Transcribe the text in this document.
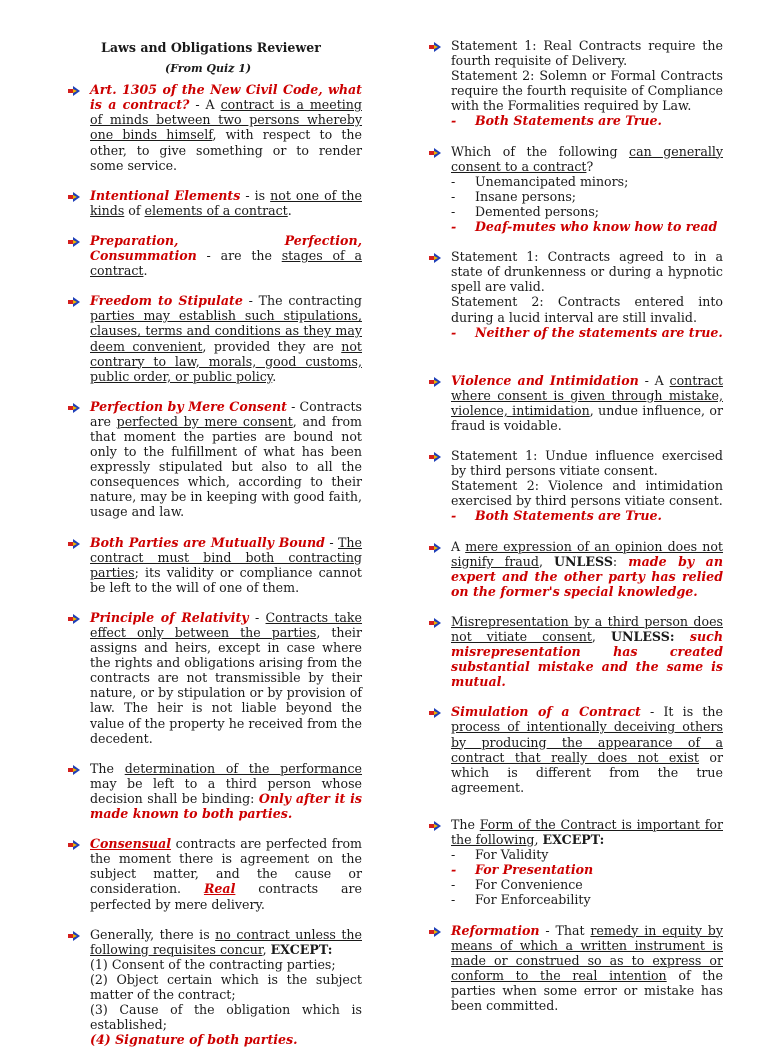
Laws and Obligations Reviewer
(From Quiz 1)
Art. 1305 of the New Civil Code, what is a contract? - A contract is a meeting of minds between two persons whereby one binds himself, with respect to the other, to give something or to render some service.
Intentional Elements - is not one of the kinds of elements of a contract.
Preparation, Perfection, Consummation - are the stages of a contract.
Freedom to Stipulate - The contracting parties may establish such stipulations, clauses, terms and conditions as they may deem convenient, provided they are not contrary to law, morals, good customs, public order, or public policy.
Perfection by Mere Consent - Contracts are perfected by mere consent, and from that moment the parties are bound not only to the fulfillment of what has been expressly stipulated but also to all the consequences which, according to their nature, may be in keeping with good faith, usage and law.
Both Parties are Mutually Bound - The contract must bind both contracting parties; its validity or compliance cannot be left to the will of one of them.
Principle of Relativity - Contracts take effect only between the parties, their assigns and heirs, except in case where the rights and obligations arising from the contracts are not transmissible by their nature, or by stipulation or by provision of law. The heir is not liable beyond the value of the property he received from the decedent.
The determination of the performance may be left to a third person whose decision shall be binding: Only after it is made known to both parties.
Consensual contracts are perfected from the moment there is agreement on the subject matter, and the cause or consideration. Real contracts are perfected by mere delivery.
Generally, there is no contract unless the following requisites concur, EXCEPT:
(1) Consent of the contracting parties;
(2) Object certain which is the subject matter of the contract;
(3) Cause of the obligation which is established;
(4) Signature of both parties.
Statement 1: Real Contracts require the fourth requisite of Delivery.
Statement 2: Solemn or Formal Contracts require the fourth requisite of Compliance with the Formalities required by Law.
- Both Statements are True.
Which of the following can generally consent to a contract?
- Unemancipated minors;
- Insane persons;
- Demented persons;
- Deaf-mutes who know how to read
Statement 1: Contracts agreed to in a state of drunkenness or during a hypnotic spell are valid.
Statement 2: Contracts entered into during a lucid interval are still invalid.
- Neither of the statements are true.
Violence and Intimidation - A contract where consent is given through mistake, violence, intimidation, undue influence, or fraud is voidable.
Statement 1: Undue influence exercised by third persons vitiate consent.
Statement 2: Violence and intimidation exercised by third persons vitiate consent.
- Both Statements are True.
A mere expression of an opinion does not signify fraud, UNLESS: made by an expert and the other party has relied on the former's special knowledge.
Misrepresentation by a third person does not vitiate consent, UNLESS: such misrepresentation has created substantial mistake and the same is mutual.
Simulation of a Contract - It is the process of intentionally deceiving others by producing the appearance of a contract that really does not exist or which is different from the true agreement.
The Form of the Contract is important for the following, EXCEPT:
- For Validity
- For Presentation
- For Convenience
- For Enforceability
Reformation - That remedy in equity by means of which a written instrument is made or construed so as to express or conform to the real intention of the parties when some error or mistake has been committed.
